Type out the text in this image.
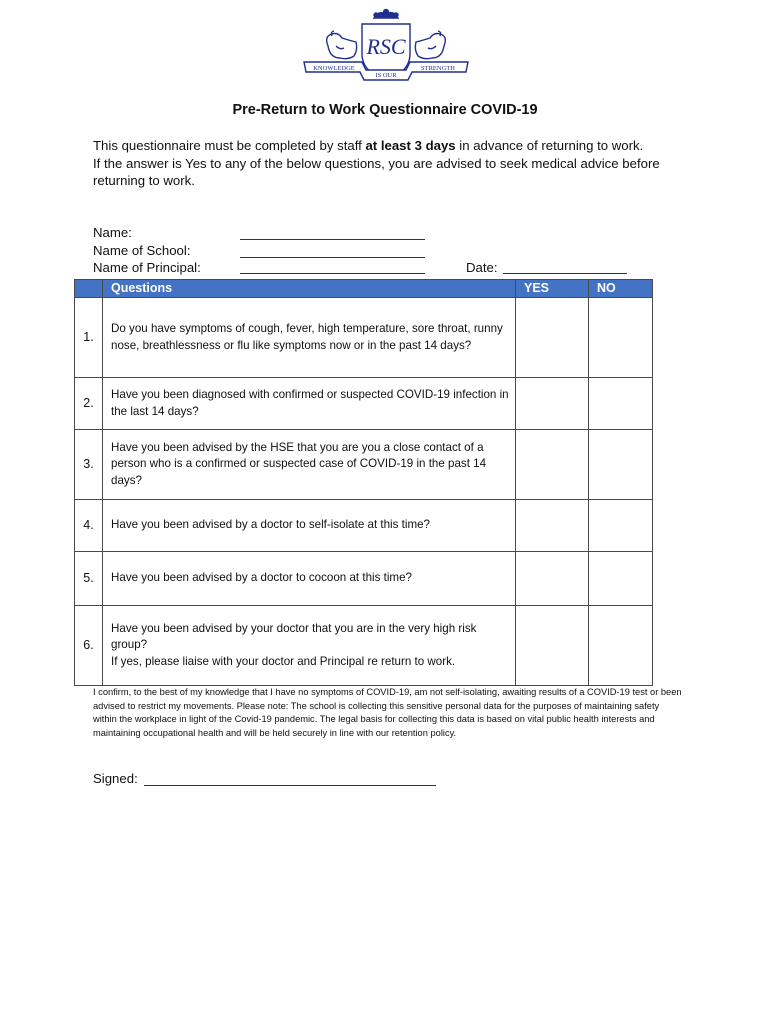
RSC
KNOWLEDGE
IS OUR
STRENGTH
Pre-Return to Work Questionnaire COVID-19

This questionnaire must be completed by staff at least 3 days in advance of returning to work.

If the answer is Yes to any of the below questions, you are advised to seek medical advice before returning to work.

Name:
Name of School:
Name of Principal:	Date:
	Questions	YES	NO
1.	Do you have symptoms of cough, fever, high temperature, sore throat, runny nose, breathlessness or flu like symptoms now or in the past 14 days?		
2.	Have you been diagnosed with confirmed or suspected COVID-19 infection in the last 14 days?		
3.	Have you been advised by the HSE that you are you a close contact of a person who is a confirmed or suspected case of COVID-19 in the past 14 days?		
4.	Have you been advised by a doctor to self-isolate at this time?		
5.	Have you been advised by a doctor to cocoon at this time?		
6.	Have you been advised by your doctor that you are in the very high risk group?
If yes, please liaise with your doctor and Principal re return to work.		

I confirm, to the best of my knowledge that I have no symptoms of COVID-19, am not self-isolating, awaiting results of a COVID-19 test or been advised to restrict my movements. Please note: The school is collecting this sensitive personal data for the purposes of maintaining safety within the workplace in light of the Covid-19 pandemic. The legal basis for collecting this data is based on vital public health interests and maintaining occupational health and will be held securely in line with our retention policy.
Signed:
